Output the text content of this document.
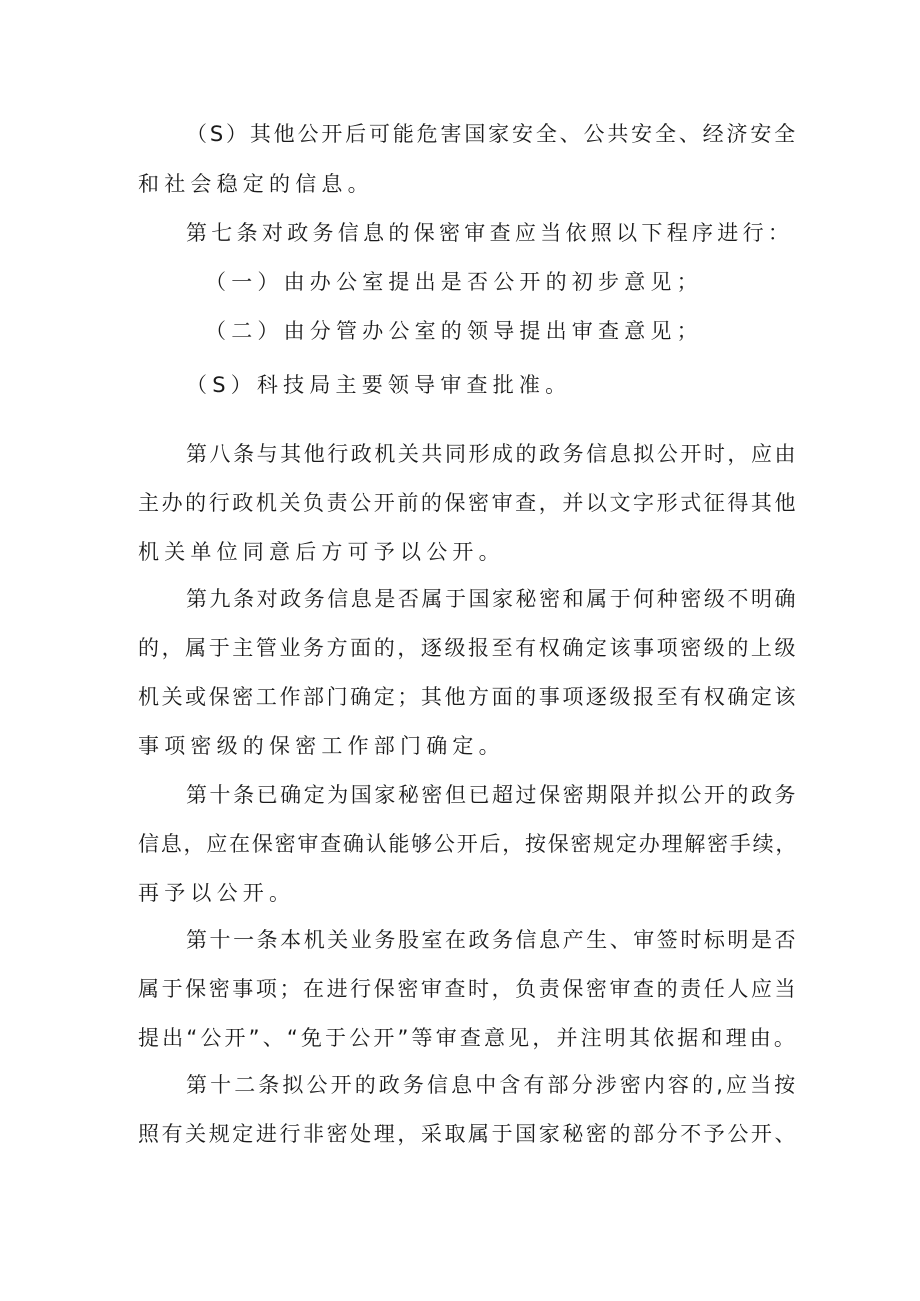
（S）其他公开后可能危害国家安全、公共安全、经济安全
和社会稳定的信息。
第七条对政务信息的保密审查应当依照以下程序进行：
（一）由办公室提出是否公开的初步意见；
（二）由分管办公室的领导提出审查意见；
（S）科技局主要领导审查批准。
第八条与其他行政机关共同形成的政务信息拟公开时，应由
主办的行政机关负责公开前的保密审查，并以文字形式征得其他
机关单位同意后方可予以公开。
第九条对政务信息是否属于国家秘密和属于何种密级不明确
的，属于主管业务方面的，逐级报至有权确定该事项密级的上级
机关或保密工作部门确定；其他方面的事项逐级报至有权确定该
事项密级的保密工作部门确定。
第十条已确定为国家秘密但已超过保密期限并拟公开的政务
信息，应在保密审查确认能够公开后，按保密规定办理解密手续，
再予以公开。
第十一条本机关业务股室在政务信息产生、审签时标明是否
属于保密事项；在进行保密审查时，负责保密审查的责任人应当
提出“公开”、“免于公开”等审查意见，并注明其依据和理由。
第十二条拟公开的政务信息中含有部分涉密内容的,应当按
照有关规定进行非密处理，采取属于国家秘密的部分不予公开、
